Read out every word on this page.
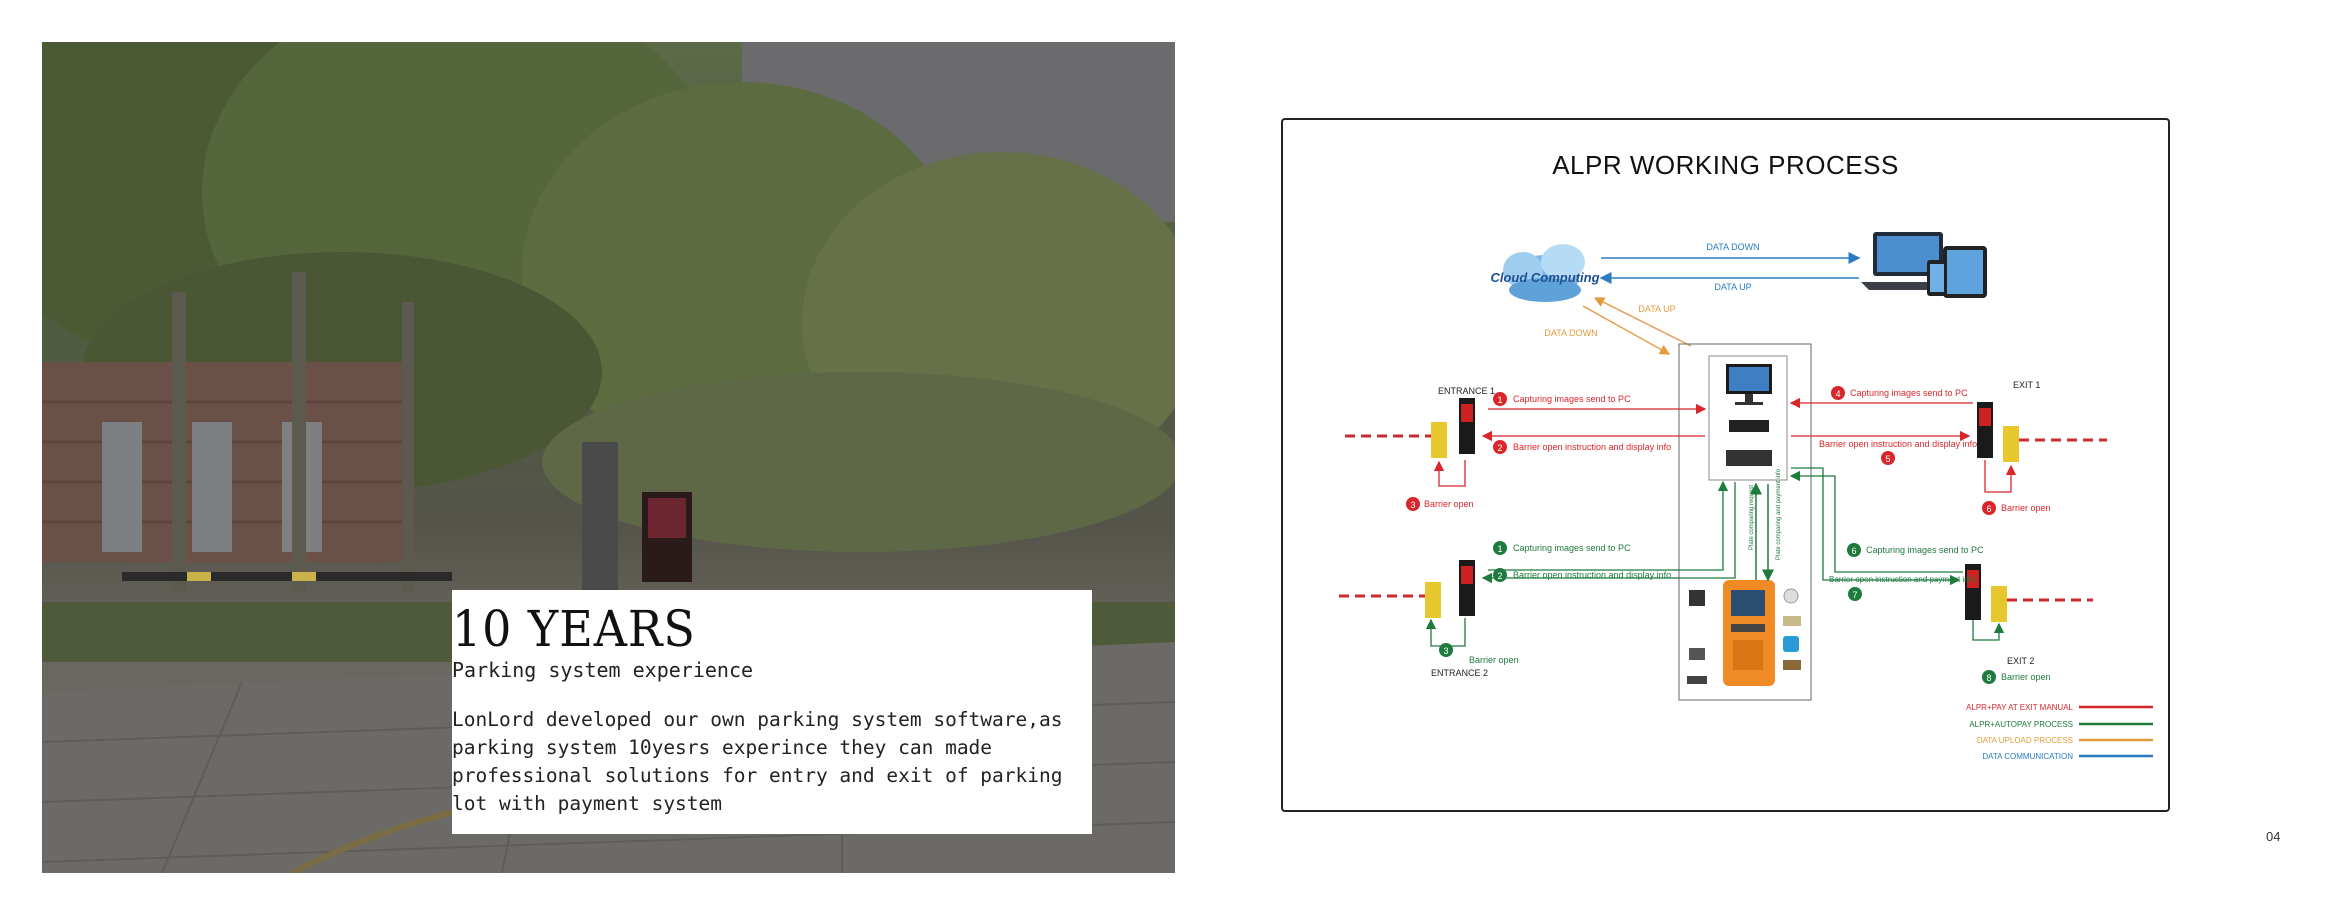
10 YEARS
Parking system experience
LonLord developed our own parking system software,as parking system 10yesrs experince they can made professional solutions for entry and exit of parking lot with payment system
ALPR WORKING PROCESS
Cloud Computing
DATA DOWN
DATA UP
DATA UP
DATA DOWN
Plate comparing request	Plate comparing and payment info
ENTRANCE 1
1 Capturing images send to PC
2 Barrier open instruction and display info
3 Barrier open
EXIT 1
4 Capturing images send to PC
Barrier open instruction and display info
5
6 Barrier open
ENTRANCE 2
1 Capturing images send to PC
2 Barrier open instruction and display info
3
Barrier open	EXIT 2
6 Capturing images send to PC
Barrier open instruction and payment info
7
8 Barrier open
ALPR+PAY AT EXIT MANUAL
ALPR+AUTOPAY PROCESS
DATA UPLOAD PROCESS
DATA COMMUNICATION
04
